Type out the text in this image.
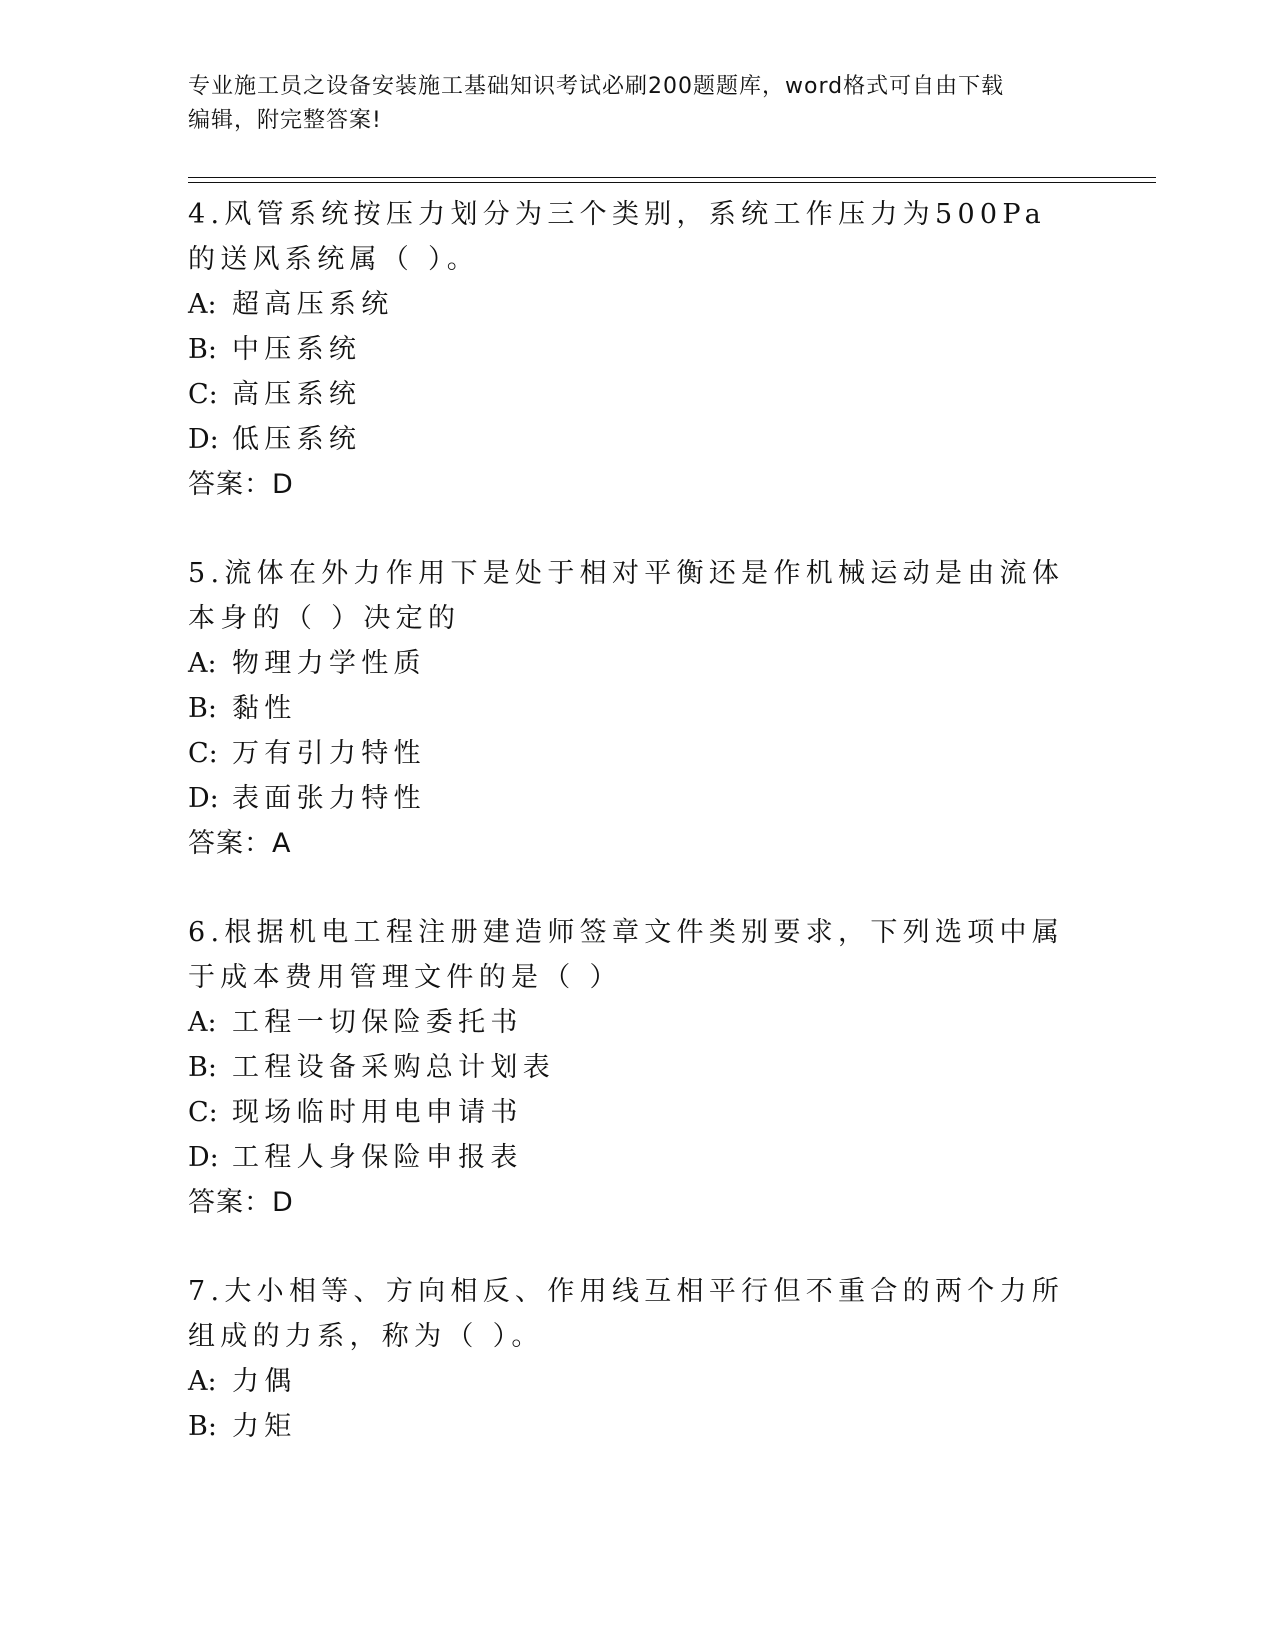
专业施工员之设备安装施工基础知识考试必刷200题题库，word格式可自由下载
编辑，附完整答案!

4.风管系统按压力划分为三个类别，系统工作压力为500Pa的送风系统属（ ）。

A: 超高压系统
B: 中压系统
C: 高压系统
D: 低压系统
答案：D

5.流体在外力作用下是处于相对平衡还是作机械运动是由流体本身的（ ）决定的

A: 物理力学性质
B: 黏性
C: 万有引力特性
D: 表面张力特性
答案：A

6.根据机电工程注册建造师签章文件类别要求，下列选项中属于成本费用管理文件的是（ ）

A: 工程一切保险委托书
B: 工程设备采购总计划表
C: 现场临时用电申请书
D: 工程人身保险申报表
答案：D

7.大小相等、方向相反、作用线互相平行但不重合的两个力所组成的力系，称为（ ）。

A: 力偶
B: 力矩
